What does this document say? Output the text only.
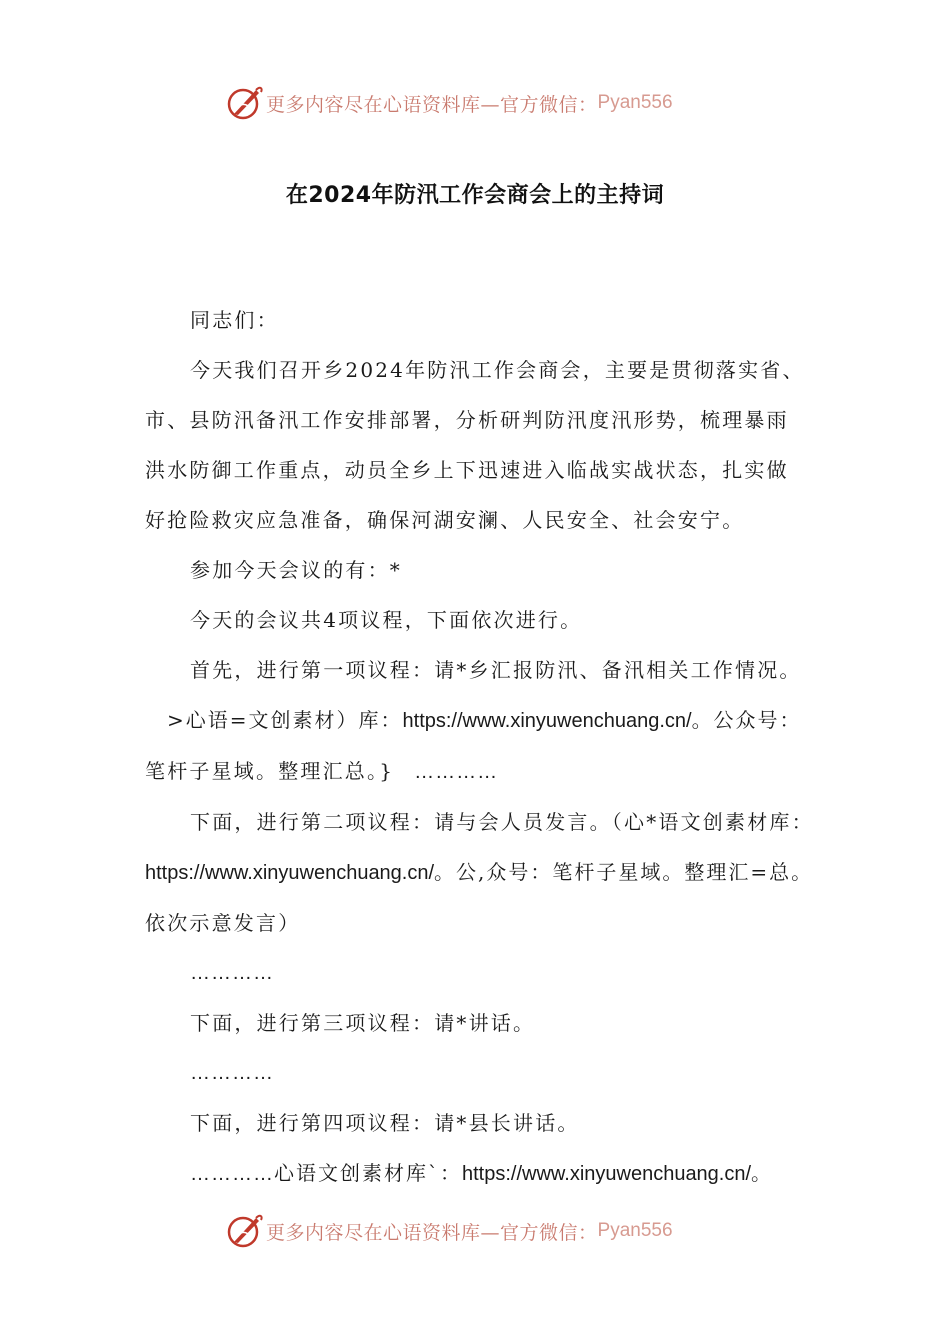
更多内容尽在心语资料库—官方微信： Pyan556
在2024年防汛工作会商会上的主持词

同志们：

今天我们召开乡2024年防汛工作会商会，主要是贯彻落实省、

市、县防汛备汛工作安排部署，分析研判防汛度汛形势，梳理暴雨

洪水防御工作重点，动员全乡上下迅速进入临战实战状态，扎实做

好抢险救灾应急准备，确保河湖安澜、人民安全、社会安宁。

参加今天会议的有：*

今天的会议共4项议程，下面依次进行。

首先，进行第一项议程：请*乡汇报防汛、备汛相关工作情况。

>心语=文创素材）库：https://www.xinyuwenchuang.cn/。公众号：

笔杆子星域。整理汇总。} …………

下面，进行第二项议程：请与会人员发言。（心*语文创素材库：

https://www.xinyuwenchuang.cn/。公,众号：笔杆子星域。整理汇=总。

依次示意发言）

…………

下面，进行第三项议程：请*讲话。

…………

下面，进行第四项议程：请*县长讲话。

…………心语文创素材库`：https://www.xinyuwenchuang.cn/。

更多内容尽在心语资料库—官方微信： Pyan556
